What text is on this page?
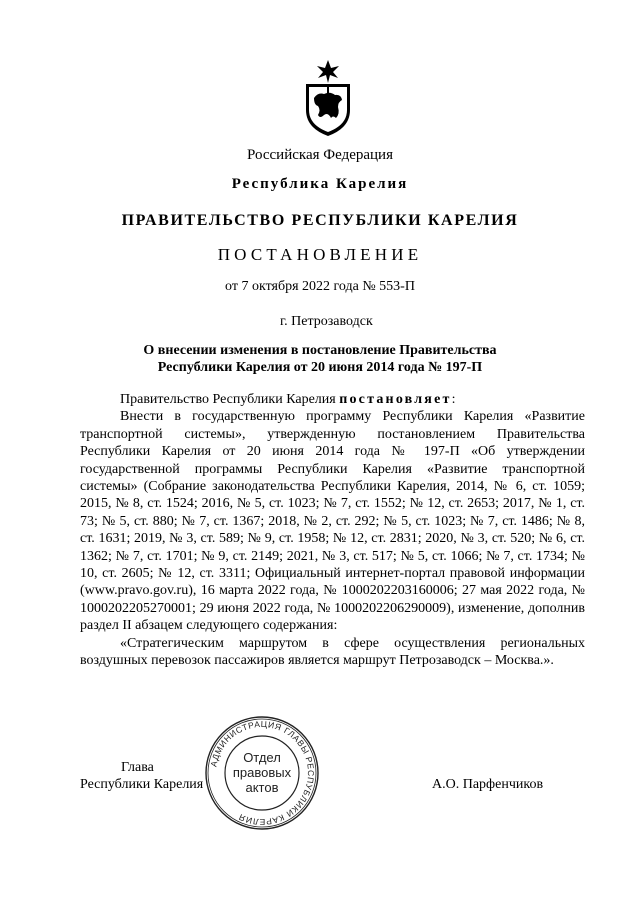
Российская Федерация
Республика Карелия
ПРАВИТЕЛЬСТВО РЕСПУБЛИКИ КАРЕЛИЯ
ПОСТАНОВЛЕНИЕ
от 7 октября 2022 года № 553-П
г. Петрозаводск
О внесении изменения в постановление Правительства
Республики Карелия от 20 июня 2014 года № 197-П

Правительство Республики Карелия постановляет:

Внести в государственную программу Республики Карелия «Развитие транспортной системы», утвержденную постановлением Правительства Республики Карелия от 20 июня 2014 года № 197-П «Об утверждении государственной программы Республики Карелия «Развитие транспортной системы» (Собрание законодательства Республики Карелия, 2014, № 6, ст. 1059; 2015, № 8, ст. 1524; 2016, № 5, ст. 1023; № 7, ст. 1552; № 12, ст. 2653; 2017, № 1, ст. 73; № 5, ст. 880; № 7, ст. 1367; 2018, № 2, ст. 292; № 5, ст. 1023; № 7, ст. 1486; № 8, ст. 1631; 2019, № 3, ст. 589; № 9, ст. 1958; № 12, ст. 2831; 2020, № 3, ст. 520; № 6, ст. 1362; № 7, ст. 1701; № 9, ст. 2149; 2021, № 3, ст. 517; № 5, ст. 1066; № 7, ст. 1734; № 10, ст. 2605; № 12, ст. 3311; Официальный интернет-портал правовой информации (www.pravo.gov.ru), 16 марта 2022 года, № 1000202203160006; 27 мая 2022 года, № 1000202205270001; 29 июня 2022 года, № 1000202206290009), изменение, дополнив раздел II абзацем следующего содержания:

«Стратегическим маршрутом в сфере осуществления региональных воздушных перевозок пассажиров является маршрут Петрозаводск – Москва.».

Глава
Республики Карелия	А.О. Парфенчиков
АДМИНИСТРАЦИЯ ГЛАВЫ РЕСПУБЛИКИ КАРЕЛИЯ
Отдел
правовых
актов
